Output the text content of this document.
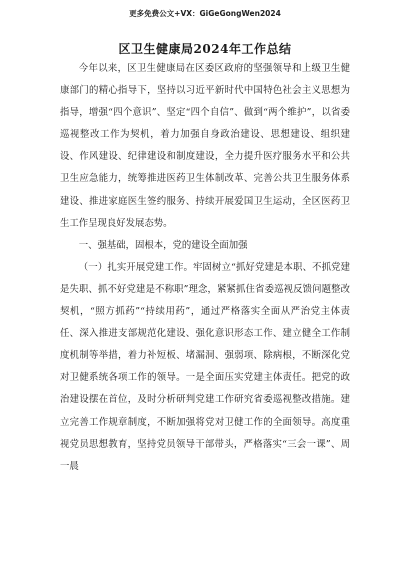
更多免费公文+VX：GiGeGongWen2024
区卫生健康局2024年工作总结

今年以来，区卫生健康局在区委区政府的坚强领导和上级卫生健康部门的精心指导下，坚持以习近平新时代中国特色社会主义思想为指导，增强“四个意识”、坚定“四个自信”、做到“两个维护”，以省委巡视整改工作为契机，着力加强自身政治建设、思想建设、组织建设、作风建设、纪律建设和制度建设，全力提升医疗服务水平和公共卫生应急能力，统筹推进医药卫生体制改革、完善公共卫生服务体系建设、推进家庭医生签约服务、持续开展爱国卫生运动，全区医药卫生工作呈现良好发展态势。

一、强基础，固根本，党的建设全面加强

（一）扎实开展党建工作。牢固树立“抓好党建是本职、不抓党建是失职、抓不好党建是不称职”理念，紧紧抓住省委巡视反馈问题整改契机，“照方抓药”“持续用药”，通过严格落实全面从严治党主体责任、深入推进支部规范化建设、强化意识形态工作、建立健全工作制度机制等举措，着力补短板、堵漏洞、强弱项、除病根，不断深化党对卫健系统各项工作的领导。一是全面压实党建主体责任。把党的政治建设摆在首位，及时分析研判党建工作研究省委巡视整改措施。建立完善工作规章制度，不断加强将党对卫健工作的全面领导。高度重视党员思想教育，坚持党员领导干部带头，严格落实“三会一课”、周一晨
